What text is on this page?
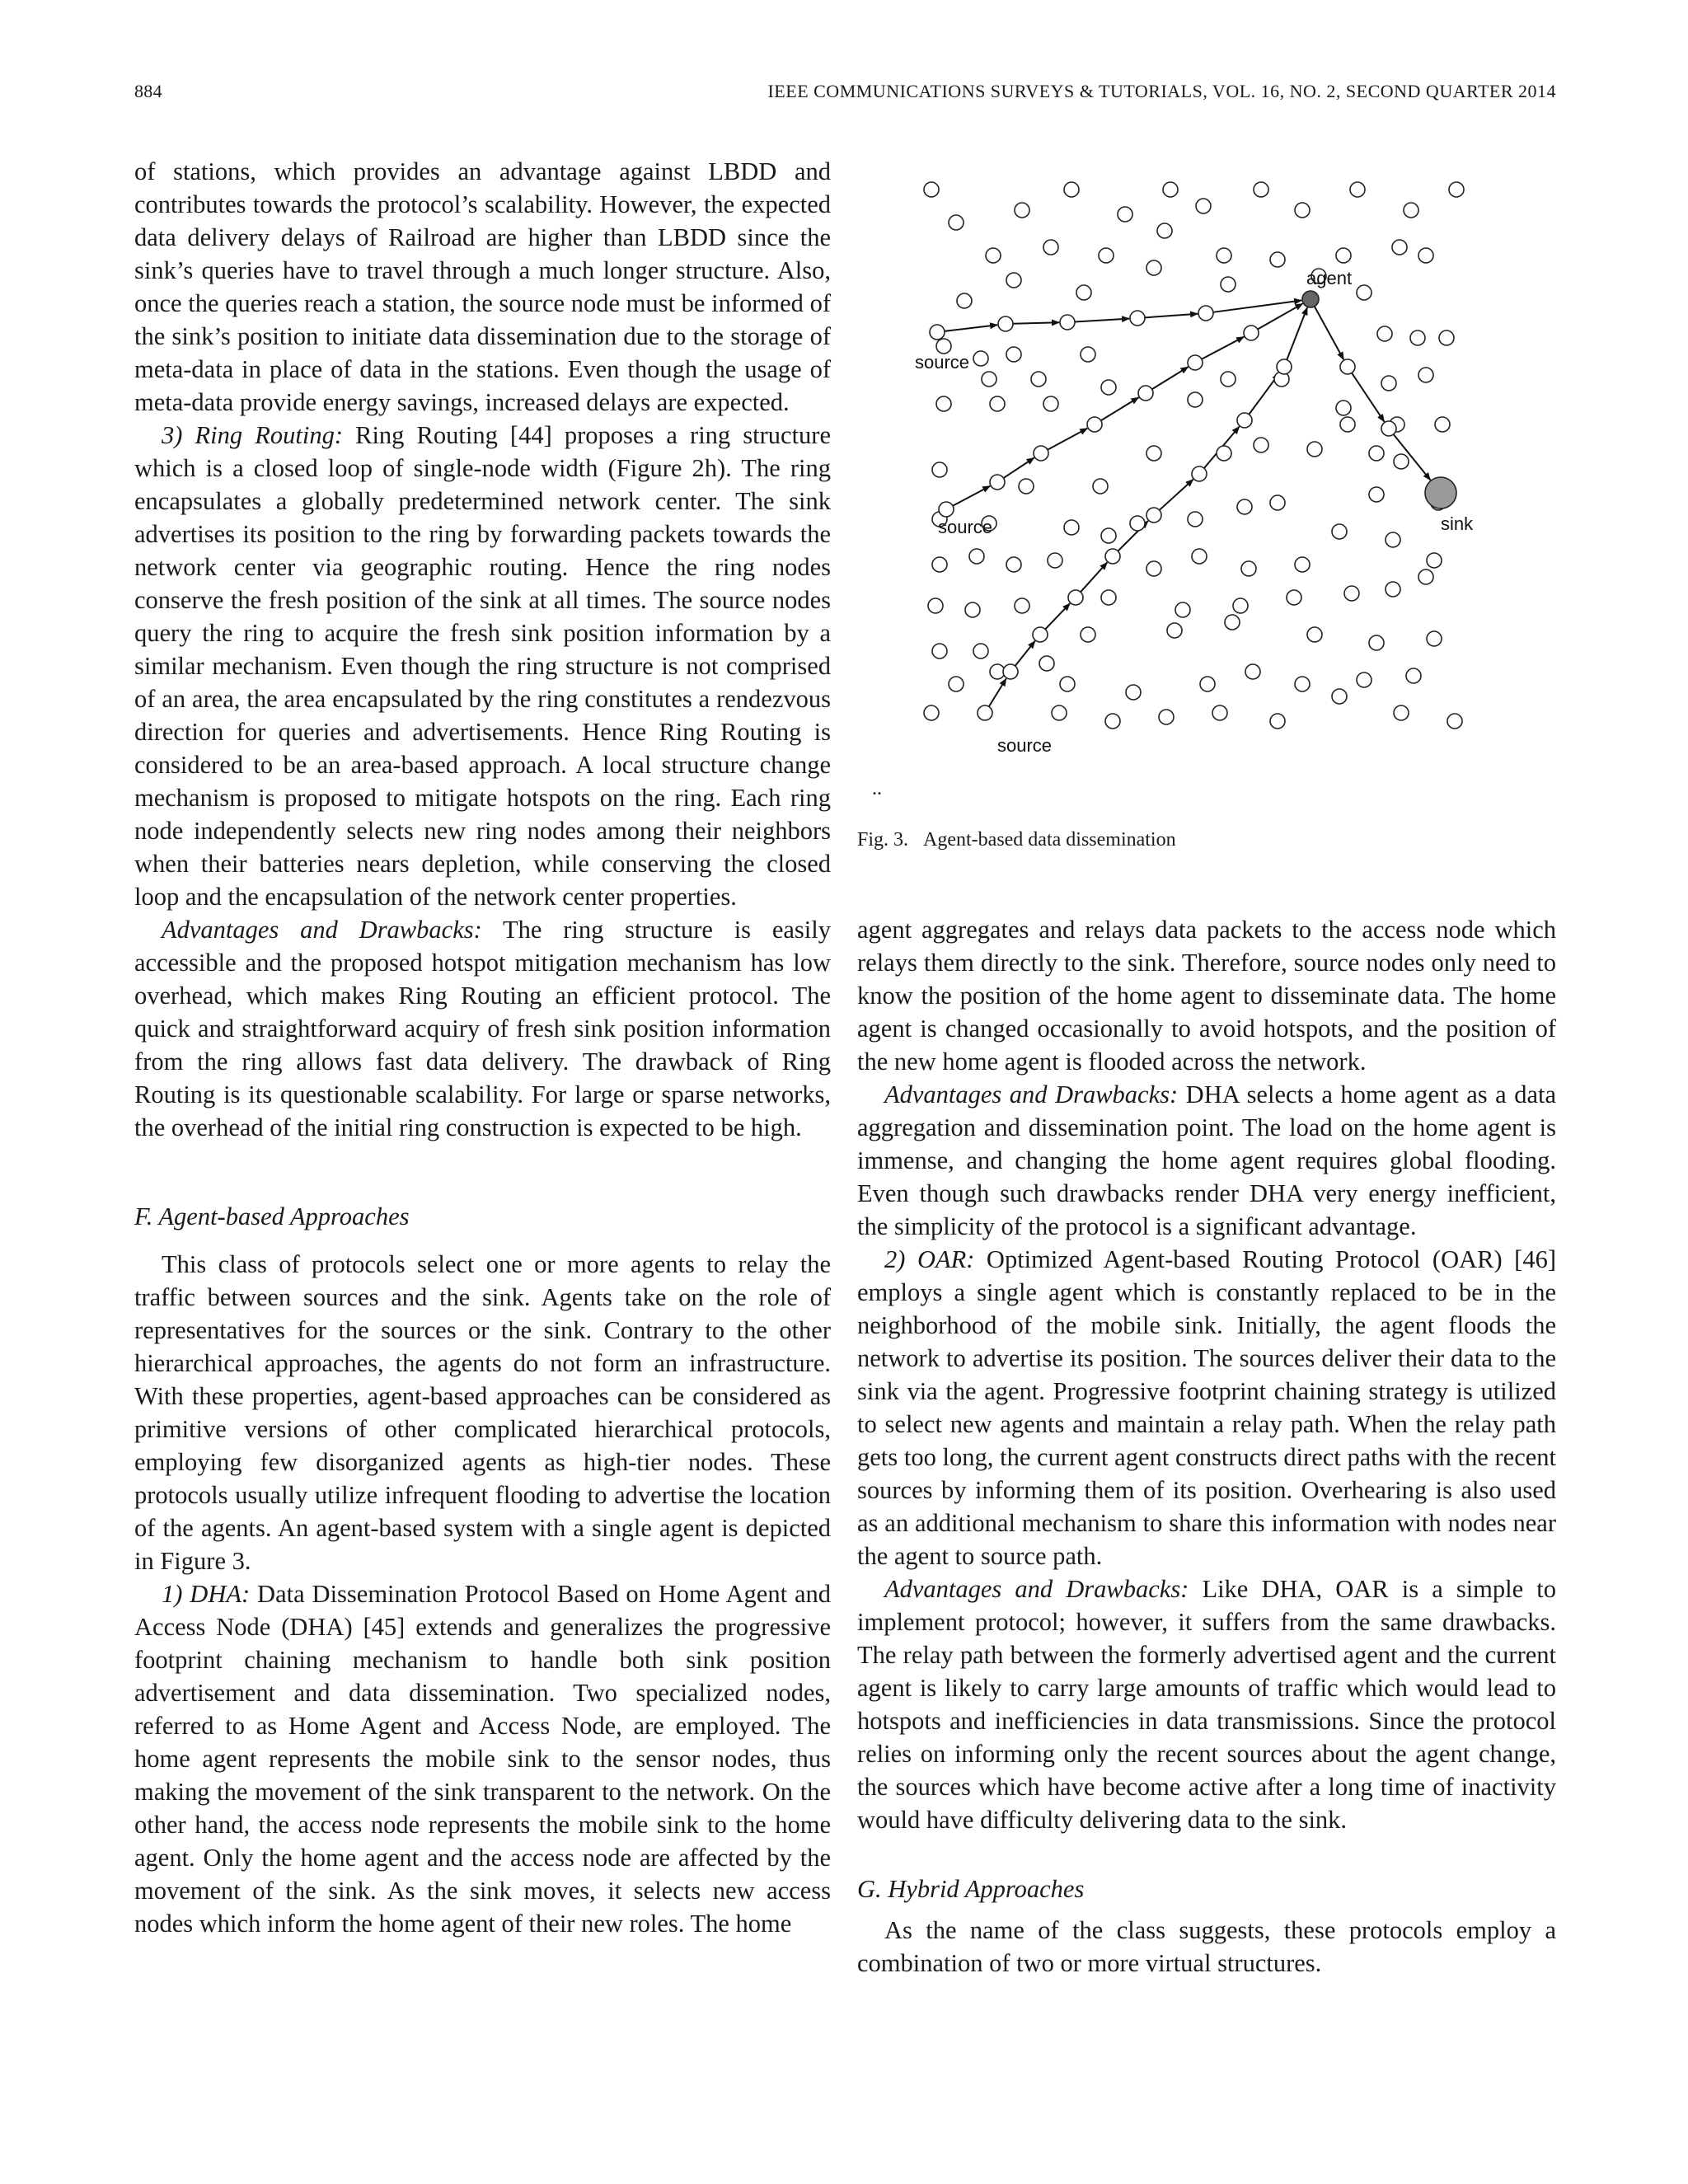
884	IEEE COMMUNICATIONS SURVEYS & TUTORIALS, VOL. 16, NO. 2, SECOND QUARTER 2014

of stations, which provides an advantage against LBDD and contributes towards the protocol’s scalability. However, the expected data delivery delays of Railroad are higher than LBDD since the sink’s queries have to travel through a much longer structure. Also, once the queries reach a station, the source node must be informed of the sink’s position to initiate data dissemination due to the storage of meta-data in place of data in the stations. Even though the usage of meta-data provide energy savings, increased delays are expected.

3) Ring Routing: Ring Routing [44] proposes a ring structure which is a closed loop of single-node width (Figure 2h). The ring encapsulates a globally predetermined network center. The sink advertises its position to the ring by forwarding packets towards the network center via geographic routing. Hence the ring nodes conserve the fresh position of the sink at all times. The source nodes query the ring to acquire the fresh sink position information by a similar mechanism. Even though the ring structure is not comprised of an area, the area encapsulated by the ring constitutes a rendezvous direction for queries and advertisements. Hence Ring Routing is considered to be an area-based approach. A local structure change mechanism is proposed to mitigate hotspots on the ring. Each ring node independently selects new ring nodes among their neighbors when their batteries nears depletion, while conserving the closed loop and the encapsulation of the network center properties.

Advantages and Drawbacks: The ring structure is easily accessible and the proposed hotspot mitigation mechanism has low overhead, which makes Ring Routing an efficient protocol. The quick and straightforward acquiry of fresh sink position information from the ring allows fast data delivery. The drawback of Ring Routing is its questionable scalability. For large or sparse networks, the overhead of the initial ring construction is expected to be high.

F. Agent-based Approaches

This class of protocols select one or more agents to relay the traffic between sources and the sink. Agents take on the role of representatives for the sources or the sink. Contrary to the other hierarchical approaches, the agents do not form an infrastructure. With these properties, agent-based approaches can be considered as primitive versions of other complicated hierarchical protocols, employing few disorganized agents as high-tier nodes. These protocols usually utilize infrequent flooding to advertise the location of the agents. An agent-based system with a single agent is depicted in Figure 3.

1) DHA: Data Dissemination Protocol Based on Home Agent and Access Node (DHA) [45] extends and generalizes the progressive footprint chaining mechanism to handle both sink position advertisement and data dissemination. Two specialized nodes, referred to as Home Agent and Access Node, are employed. The home agent represents the mobile sink to the sensor nodes, thus making the movement of the sink transparent to the network. On the other hand, the access node represents the mobile sink to the home agent. Only the home agent and the access node are affected by the movement of the sink. As the sink moves, it selects new access nodes which inform the home agent of their new roles. The home

agent
sink
source
source
source
..
Fig. 3. Agent-based data dissemination

agent aggregates and relays data packets to the access node which relays them directly to the sink. Therefore, source nodes only need to know the position of the home agent to disseminate data. The home agent is changed occasionally to avoid hotspots, and the position of the new home agent is flooded across the network.

Advantages and Drawbacks: DHA selects a home agent as a data aggregation and dissemination point. The load on the home agent is immense, and changing the home agent requires global flooding. Even though such drawbacks render DHA very energy inefficient, the simplicity of the protocol is a significant advantage.

2) OAR: Optimized Agent-based Routing Protocol (OAR) [46] employs a single agent which is constantly replaced to be in the neighborhood of the mobile sink. Initially, the agent floods the network to advertise its position. The sources deliver their data to the sink via the agent. Progressive footprint chaining strategy is utilized to select new agents and maintain a relay path. When the relay path gets too long, the current agent constructs direct paths with the recent sources by informing them of its position. Overhearing is also used as an additional mechanism to share this information with nodes near the agent to source path.

Advantages and Drawbacks: Like DHA, OAR is a simple to implement protocol; however, it suffers from the same drawbacks. The relay path between the formerly advertised agent and the current agent is likely to carry large amounts of traffic which would lead to hotspots and inefficiencies in data transmissions. Since the protocol relies on informing only the recent sources about the agent change, the sources which have become active after a long time of inactivity would have difficulty delivering data to the sink.

G. Hybrid Approaches

As the name of the class suggests, these protocols employ a combination of two or more virtual structures.
